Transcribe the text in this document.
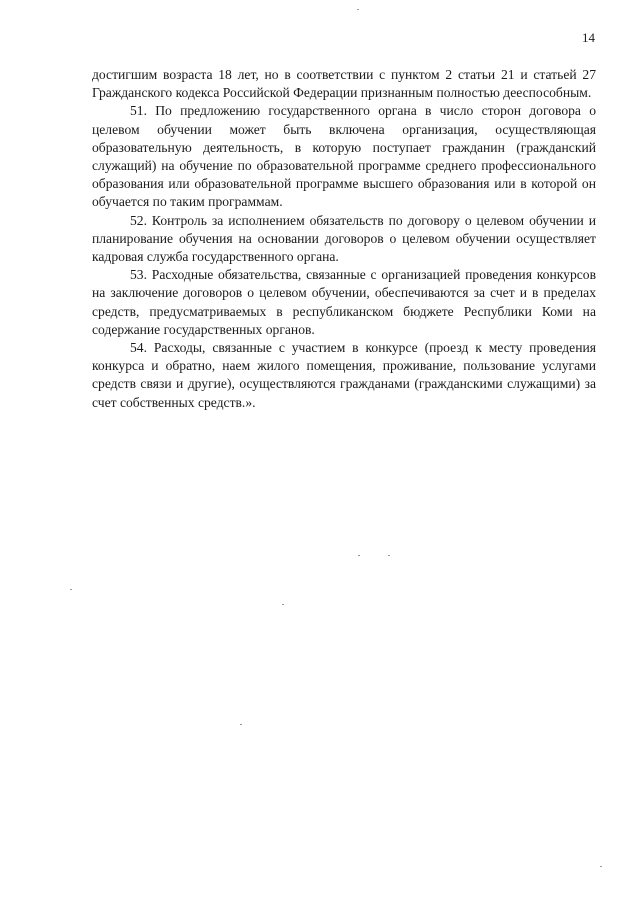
14

достигшим возраста 18 лет, но в соответствии с пунктом 2 статьи 21 и статьей 27 Гражданского кодекса Российской Федерации признанным полностью дееспособным.

51. По предложению государственного органа в число сторон договора о целевом обучении может быть включена организация, осуществляющая образовательную деятельность, в которую поступает гражданин (гражданский служащий) на обучение по образовательной программе среднего профессионального образования или образовательной программе высшего образования или в которой он обучается по таким программам.

52. Контроль за исполнением обязательств по договору о целевом обучении и планирование обучения на основании договоров о целевом обучении осуществляет кадровая служба государственного органа.

53. Расходные обязательства, связанные с организацией проведения конкурсов на заключение договоров о целевом обучении, обеспечиваются за счет и в пределах средств, предусматриваемых в республиканском бюджете Республики Коми на содержание государственных органов.

54. Расходы, связанные с участием в конкурсе (проезд к месту проведения конкурса и обратно, наем жилого помещения, проживание, пользование услугами средств связи и другие), осуществляются гражданами (гражданскими служащими) за счет собственных средств.».
